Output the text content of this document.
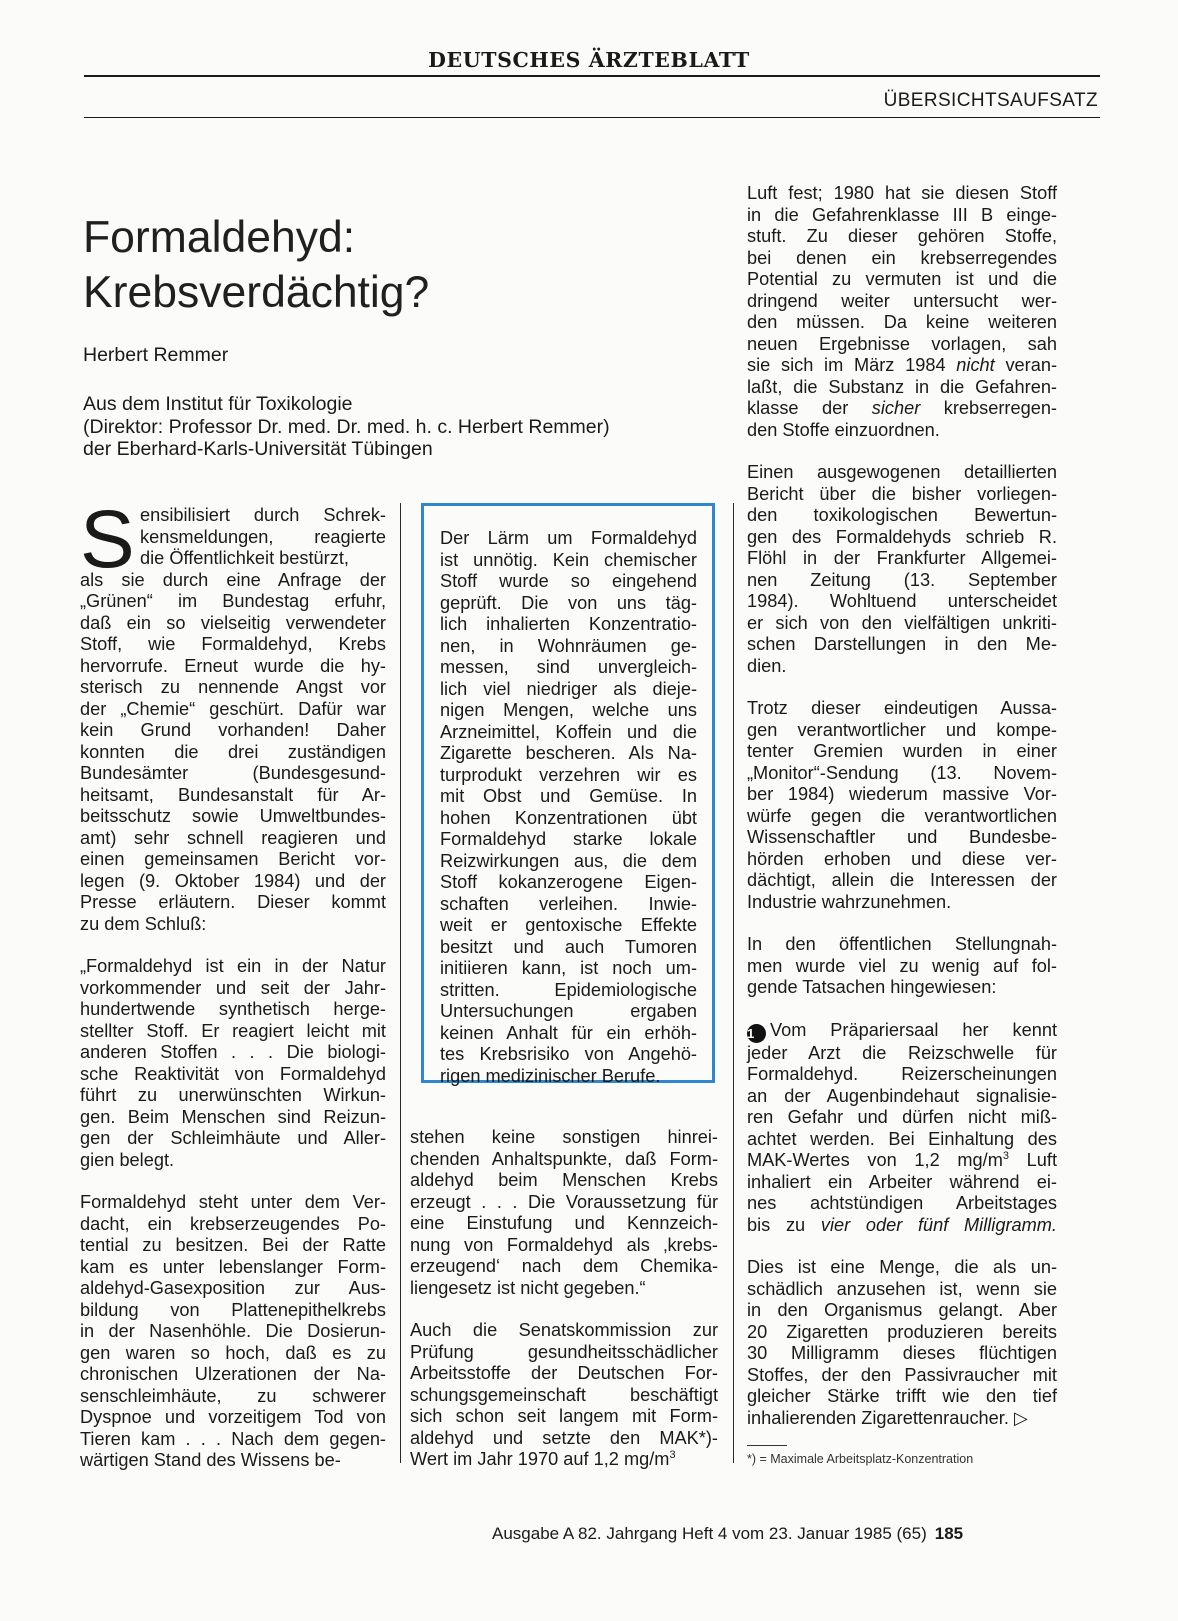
DEUTSCHES ÄRZTEBLATT
ÜBERSICHTSAUFSATZ
Formaldehyd:
Krebsverdächtig?
Herbert Remmer
Aus dem Institut für Toxikologie
(Direktor: Professor Dr. med. Dr. med. h. c. Herbert Remmer)
der Eberhard-Karls-Universität Tübingen
S ensibilisiert durch Schrek-
kensmeldungen, reagierte
die Öffentlichkeit bestürzt,
als sie durch eine Anfrage der
„Grünen“ im Bundestag erfuhr,
daß ein so vielseitig verwendeter
Stoff, wie Formaldehyd, Krebs
hervorrufe. Erneut wurde die hy-
sterisch zu nennende Angst vor
der „Chemie“ geschürt. Dafür war
kein Grund vorhanden! Daher
konnten die drei zuständigen
Bundesämter (Bundesgesund-
heitsamt, Bundesanstalt für Ar-
beitsschutz sowie Umweltbundes-
amt) sehr schnell reagieren und
einen gemeinsamen Bericht vor-
legen (9. Oktober 1984) und der
Presse erläutern. Dieser kommt
zu dem Schluß:
„Formaldehyd ist ein in der Natur
vorkommender und seit der Jahr-
hundertwende synthetisch herge-
stellter Stoff. Er reagiert leicht mit
anderen Stoffen . . . Die biologi-
sche Reaktivität von Formaldehyd
führt zu unerwünschten Wirkun-
gen. Beim Menschen sind Reizun-
gen der Schleimhäute und Aller-
gien belegt.
Formaldehyd steht unter dem Ver-
dacht, ein krebserzeugendes Po-
tential zu besitzen. Bei der Ratte
kam es unter lebenslanger Form-
aldehyd-Gasexposition zur Aus-
bildung von Plattenepithelkrebs
in der Nasenhöhle. Die Dosierun-
gen waren so hoch, daß es zu
chronischen Ulzerationen der Na-
senschleimhäute, zu schwerer
Dyspnoe und vorzeitigem Tod von
Tieren kam . . . Nach dem gegen-
wärtigen Stand des Wissens be-
Der Lärm um Formaldehyd
ist unnötig. Kein chemischer
Stoff wurde so eingehend
geprüft. Die von uns täg-
lich inhalierten Konzentratio-
nen, in Wohnräumen ge-
messen, sind unvergleich-
lich viel niedriger als dieje-
nigen Mengen, welche uns
Arzneimittel, Koffein und die
Zigarette bescheren. Als Na-
turprodukt verzehren wir es
mit Obst und Gemüse. In
hohen Konzentrationen übt
Formaldehyd starke lokale
Reizwirkungen aus, die dem
Stoff kokanzerogene Eigen-
schaften verleihen. Inwie-
weit er gentoxische Effekte
besitzt und auch Tumoren
initiieren kann, ist noch um-
stritten. Epidemiologische
Untersuchungen ergaben
keinen Anhalt für ein erhöh-
tes Krebsrisiko von Angehö-
rigen medizinischer Berufe.
stehen keine sonstigen hinrei-
chenden Anhaltspunkte, daß Form-
aldehyd beim Menschen Krebs
erzeugt . . . Die Voraussetzung für
eine Einstufung und Kennzeich-
nung von Formaldehyd als ‚krebs-
erzeugend‘ nach dem Chemika-
liengesetz ist nicht gegeben.“
Auch die Senatskommission zur
Prüfung gesundheitsschädlicher
Arbeitsstoffe der Deutschen For-
schungsgemeinschaft beschäftigt
sich schon seit langem mit Form-
aldehyd und setzte den MAK*)-
Wert im Jahr 1970 auf 1,2 $mg/m^3$
Luft fest; 1980 hat sie diesen Stoff
in die Gefahrenklasse III B einge-
stuft. Zu dieser gehören Stoffe,
bei denen ein krebserregendes
Potential zu vermuten ist und die
dringend weiter untersucht wer-
den müssen. Da keine weiteren
neuen Ergebnisse vorlagen, sah
sie sich im März 1984 nicht veran-
laßt, die Substanz in die Gefahren-
klasse der sicher krebserregen-
den Stoffe einzuordnen.
Einen ausgewogenen detaillierten
Bericht über die bisher vorliegen-
den toxikologischen Bewertun-
gen des Formaldehyds schrieb R.
Flöhl in der Frankfurter Allgemei-
nen Zeitung (13. September
1984). Wohltuend unterscheidet
er sich von den vielfältigen unkriti-
schen Darstellungen in den Me-
dien.
Trotz dieser eindeutigen Aussa-
gen verantwortlicher und kompe-
tenter Gremien wurden in einer
„Monitor“-Sendung (13. Novem-
ber 1984) wiederum massive Vor-
würfe gegen die verantwortlichen
Wissenschaftler und Bundesbe-
hörden erhoben und diese ver-
dächtigt, allein die Interessen der
Industrie wahrzunehmen.
In den öffentlichen Stellungnah-
men wurde viel zu wenig auf fol-
gende Tatsachen hingewiesen:
1 Vom Präpariersaal her kennt
jeder Arzt die Reizschwelle für
Formaldehyd. Reizerscheinungen
an der Augenbindehaut signalisie-
ren Gefahr und dürfen nicht miß-
achtet werden. Bei Einhaltung des
MAK-Wertes von 1,2 $mg/m^3$ Luft
inhaliert ein Arbeiter während ei-
nes achtstündigen Arbeitstages
bis zu vier oder fünf Milligramm.
Dies ist eine Menge, die als un-
schädlich anzusehen ist, wenn sie
in den Organismus gelangt. Aber
20 Zigaretten produzieren bereits
30 Milligramm dieses flüchtigen
Stoffes, der den Passivraucher mit
gleicher Stärke trifft wie den tief
inhalierenden Zigarettenraucher. ▷
*) = Maximale Arbeitsplatz-Konzentration
Ausgabe A 82. Jahrgang Heft 4 vom 23. Januar 1985 (65) 185
